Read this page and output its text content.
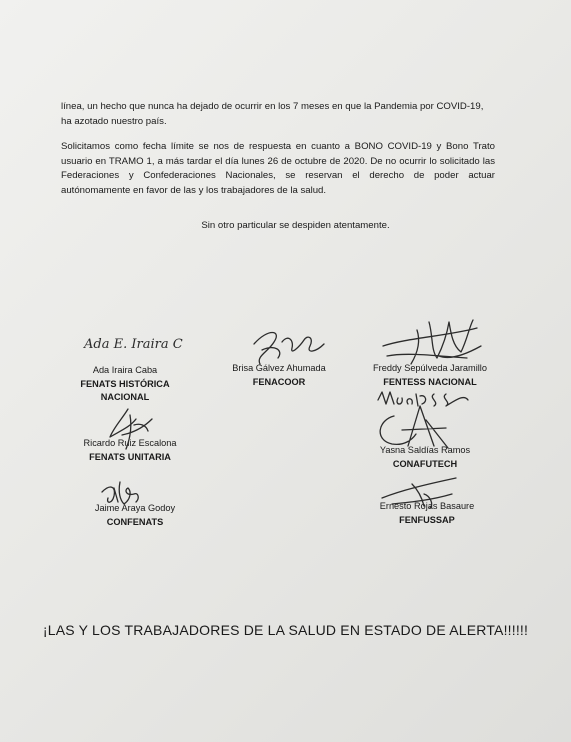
línea, un hecho que nunca ha dejado de ocurrir en los 7 meses en que la Pandemia por COVID-19, ha azotado nuestro país.
Solicitamos como fecha límite se nos de respuesta en cuanto a BONO COVID-19 y Bono Trato usuario en TRAMO 1, a más tardar el día lunes 26 de octubre de 2020. De no ocurrir lo solicitado las Federaciones y Confederaciones Nacionales, se reservan el derecho de poder actuar autónomamente en favor de las y los trabajadores de la salud.
Sin otro particular se despiden atentamente.
Ada E. Iraira C
Ada Iraira Caba
FENATS HISTÓRICA NACIONAL
Brisa Gálvez Ahumada
FENACOOR
Freddy Sepúlveda Jaramillo
FENTESS NACIONAL
Ricardo Ruiz Escalona
FENATS UNITARIA
Yasna Saldías Ramos
CONAFUTECH
Jaime Araya Godoy
CONFENATS
Ernesto Rojas Basaure
FENFUSSAP
¡LAS Y LOS TRABAJADORES DE LA SALUD EN ESTADO DE ALERTA!!!!!!
